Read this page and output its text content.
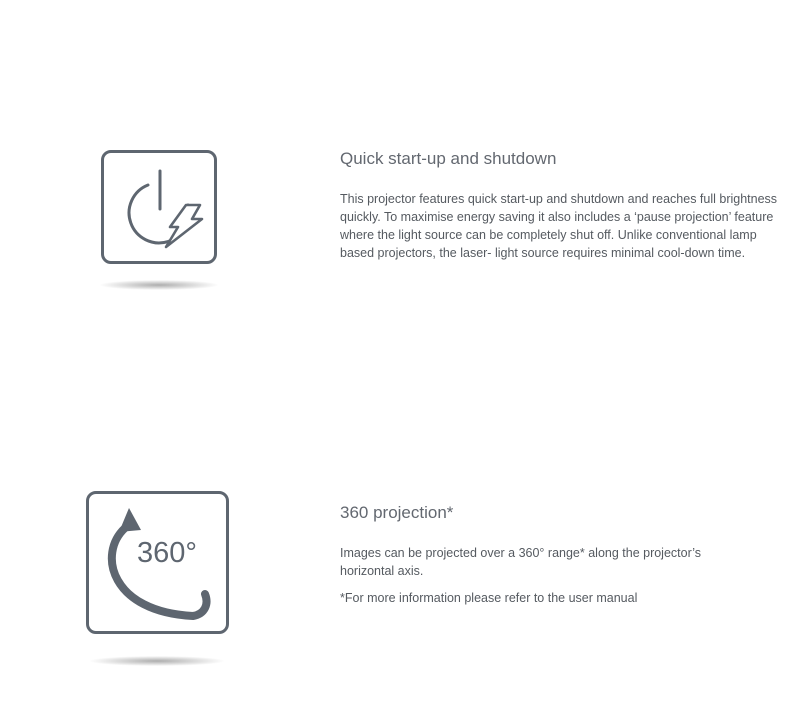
Quick start-up and shutdown

This projector features quick start-up and shutdown and reaches full brightness quickly. To maximise energy saving it also includes a ‘pause projection’ feature where the light source can be completely shut off. Unlike conventional lamp based projectors, the laser- light source requires minimal cool-down time.

360°
360 projection*

Images can be projected over a 360° range* along the projector’s horizontal axis.

*For more information please refer to the user manual
